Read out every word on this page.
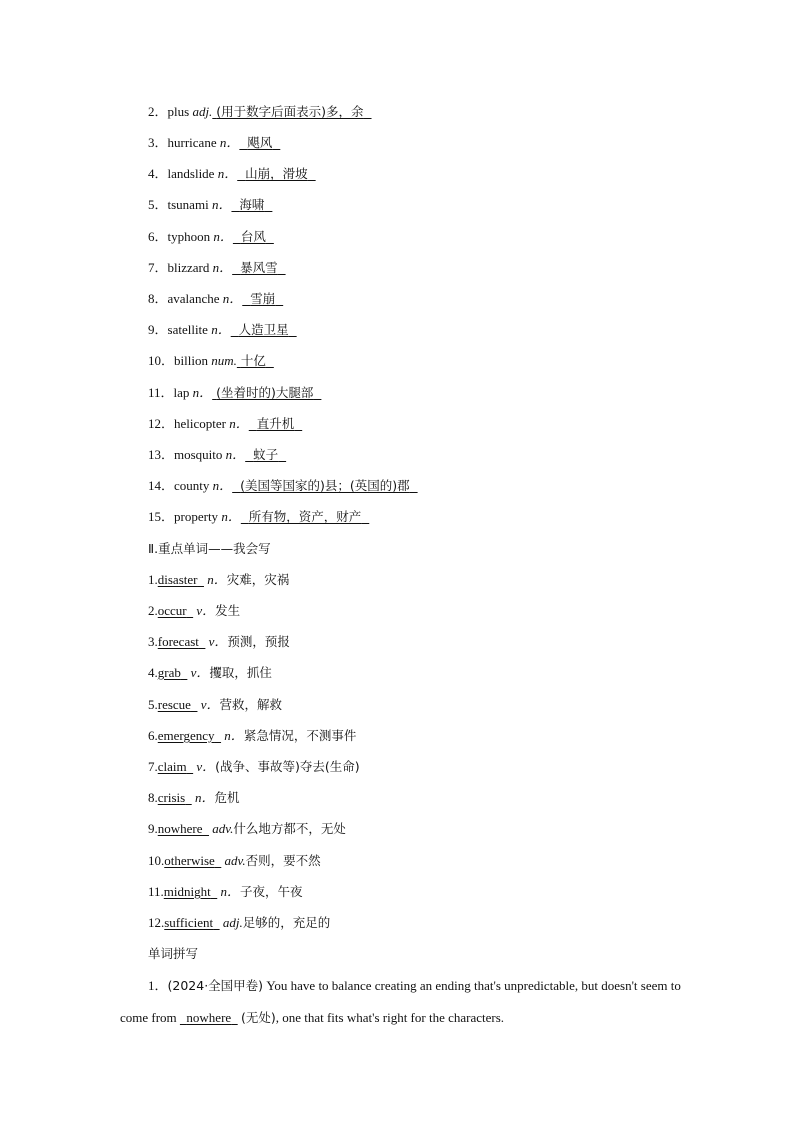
2．plus adj. (用于数字后面表示)多，余
3．hurricane n． 飓风
4．landslide n． 山崩，滑坡
5．tsunami n． 海啸
6．typhoon n． 台风
7．blizzard n． 暴风雪
8．avalanche n． 雪崩
9．satellite n． 人造卫星
10．billion num. 十亿
11．lap n． (坐着时的)大腿部
12．helicopter n． 直升机
13．mosquito n． 蚊子
14．county n． (美国等国家的)县；(英国的)郡
15．property n． 所有物，资产，财产
Ⅱ.重点单词——我会写
1.disaster n．灾难，灾祸
2.occur v．发生
3.forecast v．预测，预报
4.grab v．攫取，抓住
5.rescue v．营救，解救
6.emergency n．紧急情况，不测事件
7.claim v．(战争、事故等)夺去(生命)
8.crisis n．危机
9.nowhere adv.什么地方都不，无处
10.otherwise adv.否则，要不然
11.midnight n．子夜，午夜
12.sufficient adj.足够的，充足的
单词拼写
1．(2024·全国甲卷) You have to balance creating an ending that's unpredictable, but doesn't seem to come from nowhere (无处), one that fits what's right for the characters.
